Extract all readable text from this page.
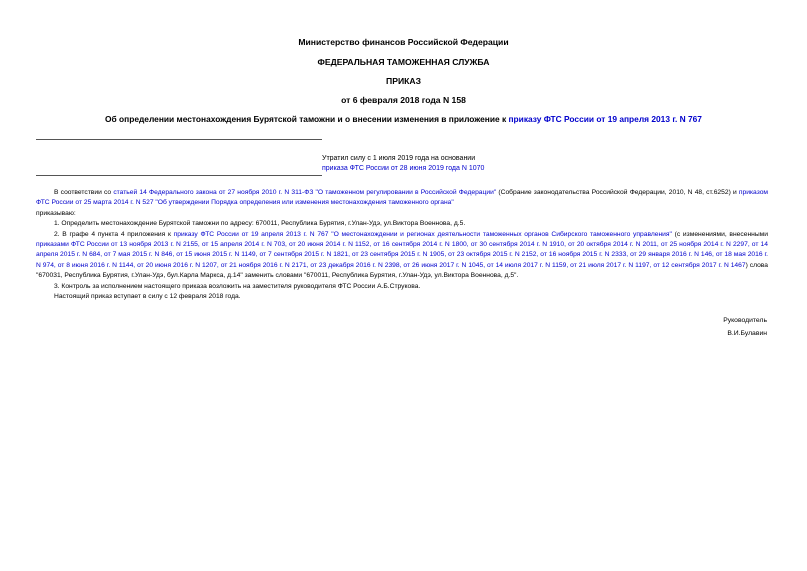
Министерство финансов Российской Федерации
ФЕДЕРАЛЬНАЯ ТАМОЖЕННАЯ СЛУЖБА
ПРИКАЗ
от 6 февраля 2018 года N 158
Об определении местонахождения Бурятской таможни и о внесении изменения в приложение к приказу ФТС России от 19 апреля 2013 г. N 767
Утратил силу с 1 июля 2019 года на основании
приказа ФТС России от 28 июня 2019 года N 1070

В соответствии со статьей 14 Федерального закона от 27 ноября 2010 г. N 311-ФЗ "О таможенном регулировании в Российской Федерации" (Собрание законодательства Российской Федерации, 2010, N 48, ст.6252) и приказом ФТС России от 25 марта 2014 г. N 527 "Об утверждении Порядка определения или изменения местонахождения таможенного органа"

приказываю:

1. Определить местонахождение Бурятской таможни по адресу: 670011, Республика Бурятия, г.Улан-Удэ, ул.Виктора Военнова, д.5.

2. В графе 4 пункта 4 приложения к приказу ФТС России от 19 апреля 2013 г. N 767 "О местонахождении и регионах деятельности таможенных органов Сибирского таможенного управления" (с изменениями, внесенными приказами ФТС России от 13 ноября 2013 г. N 2155, от 15 апреля 2014 г. N 703, от 20 июня 2014 г. N 1152, от 16 сентября 2014 г. N 1800, от 30 сентября 2014 г. N 1910, от 20 октября 2014 г. N 2011, от 25 ноября 2014 г. N 2297, от 14 апреля 2015 г. N 684, от 7 мая 2015 г. N 846, от 15 июня 2015 г. N 1149, от 7 сентября 2015 г. N 1821, от 23 сентября 2015 г. N 1905, от 23 октября 2015 г. N 2152, от 16 ноября 2015 г. N 2333, от 29 января 2016 г. N 146, от 18 мая 2016 г. N 974, от 8 июня 2016 г. N 1144, от 20 июня 2016 г. N 1207, от 21 ноября 2016 г. N 2171, от 23 декабря 2016 г. N 2398, от 26 июня 2017 г. N 1045, от 14 июля 2017 г. N 1159, от 21 июля 2017 г. N 1197, от 12 сентября 2017 г. N 1467) слова "670031, Республика Бурятия, г.Улан-Удэ, бул.Карла Маркса, д.14" заменить словами "670011, Республика Бурятия, г.Улан-Удэ, ул.Виктора Военнова, д.5".

3. Контроль за исполнением настоящего приказа возложить на заместителя руководителя ФТС России А.Б.Струкова.

Настоящий приказ вступает в силу с 12 февраля 2018 года.

Руководитель
В.И.Булавин
